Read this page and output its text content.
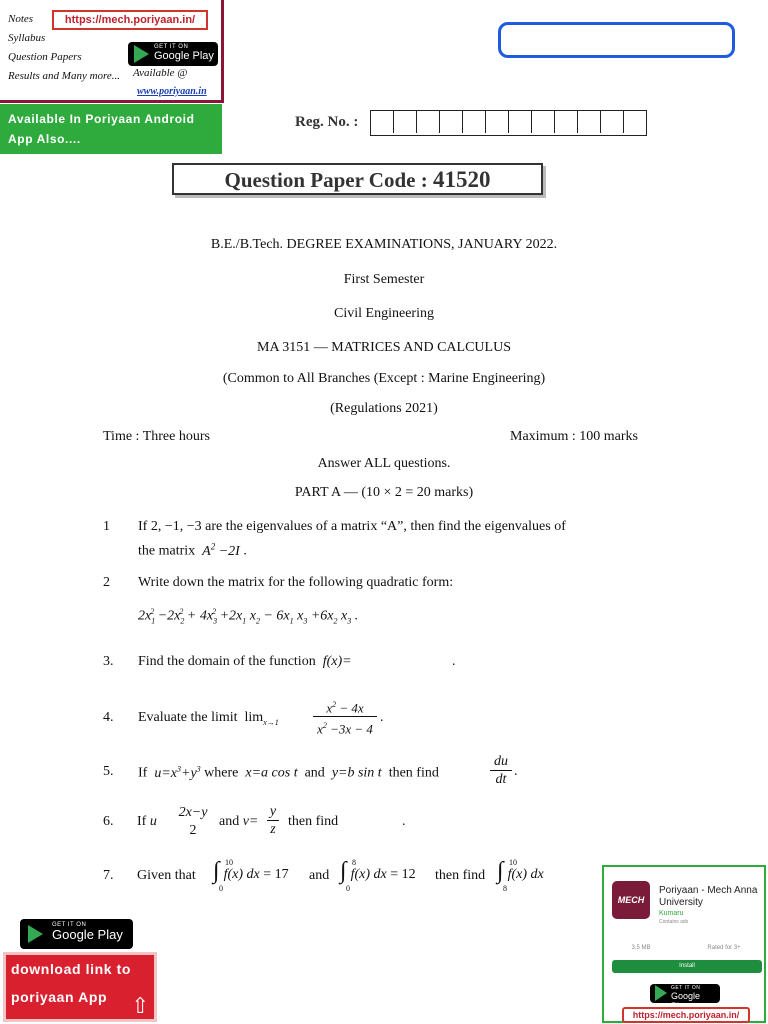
Notes
Syllabus
Question Papers
Results and Many more...
https://mech.poriyaan.in/
GET IT ON
Google Play
Available @
www.poriyaan.in
Available In Poriyaan Android App Also....
Reg. No. :
Question Paper Code : 41520
B.E./B.Tech. DEGREE EXAMINATIONS, JANUARY 2022.
First Semester
Civil Engineering
MA 3151 — MATRICES AND CALCULUS
(Common to All Branches (Except : Marine Engineering)
(Regulations 2021)
Time : Three hours	Maximum : 100 marks
Answer ALL questions.
PART A — (10 × 2 = 20 marks)
1 If 2, −1, −3 are the eigenvalues of a matrix “A”, then find the eigenvalues of
the matrix  $A^2 -2I$ .
2 Write down the matrix for the following quadratic form:
$2x_1^2 -2x_2^2 + 4x_3^2 +2x_1$ $x_2 - 6x_1$ $x_3 +6x_2$ $x_3$ .
3. Find the domain of the function  f(x)=	.
4. Evaluate the limit  $\lim_{x\to 1}$
$x^2 - 4x$
$x^2 -3x - 4$
.
5. If  $u=x^3+y^3$ where  x=a cos t  and  y=b sin t  then find
du
dt
.
6. If u
2x−y
2
and v=
y
z
then find	.
7. Given that ∫ 10
0
f(x) dx = 17 and ∫ 8
0
f(x) dx = 12 then find ∫ 10
8
f(x) dx
GET IT ON
Google Play
download link to
poriyaan App ⇧
MECH
Poriyaan - Mech Anna University
Kumaru
Contains ads
3.5 MB	Rated for 3+
Install
GET IT ON
Google Play
https://mech.poriyaan.in/
